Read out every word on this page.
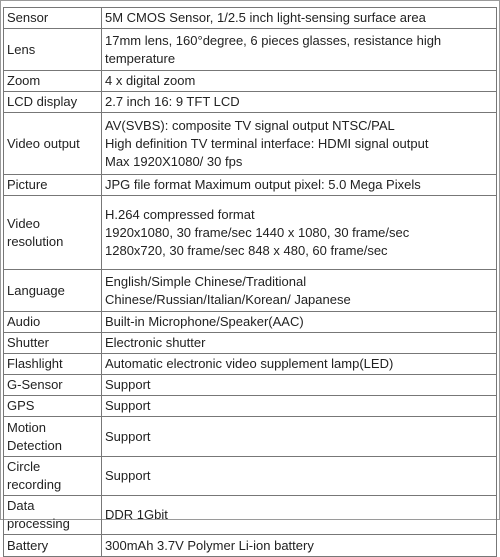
Sensor	5M CMOS Sensor, 1/2.5 inch light-sensing surface area

Lens	17mm lens, 160°degree, 6 pieces glasses, resistance high temperature

Zoom	4 x digital zoom

LCD display	2.7 inch 16: 9 TFT LCD

Video output	AV(SVBS): composite TV signal output NTSC/PAL
High definition TV terminal interface: HDMI signal output
Max 1920X1080/ 30 fps

Picture	JPG file format Maximum output pixel: 5.0 Mega Pixels

Video resolution	H.264 compressed format
1920x1080, 30 frame/sec 1440 x 1080, 30 frame/sec
1280x720, 30 frame/sec 848 x 480, 60 frame/sec

Language	English/Simple Chinese/Traditional Chinese/Russian/Italian/Korean/ Japanese

Audio	Built-in Microphone/Speaker(AAC)

Shutter	Electronic shutter

Flashlight	Automatic electronic video supplement lamp(LED)

G-Sensor	Support

GPS	Support

Motion Detection	Support

Circle recording	Support

Data processing	DDR 1Gbit

Battery	300mAh 3.7V Polymer Li-ion battery
